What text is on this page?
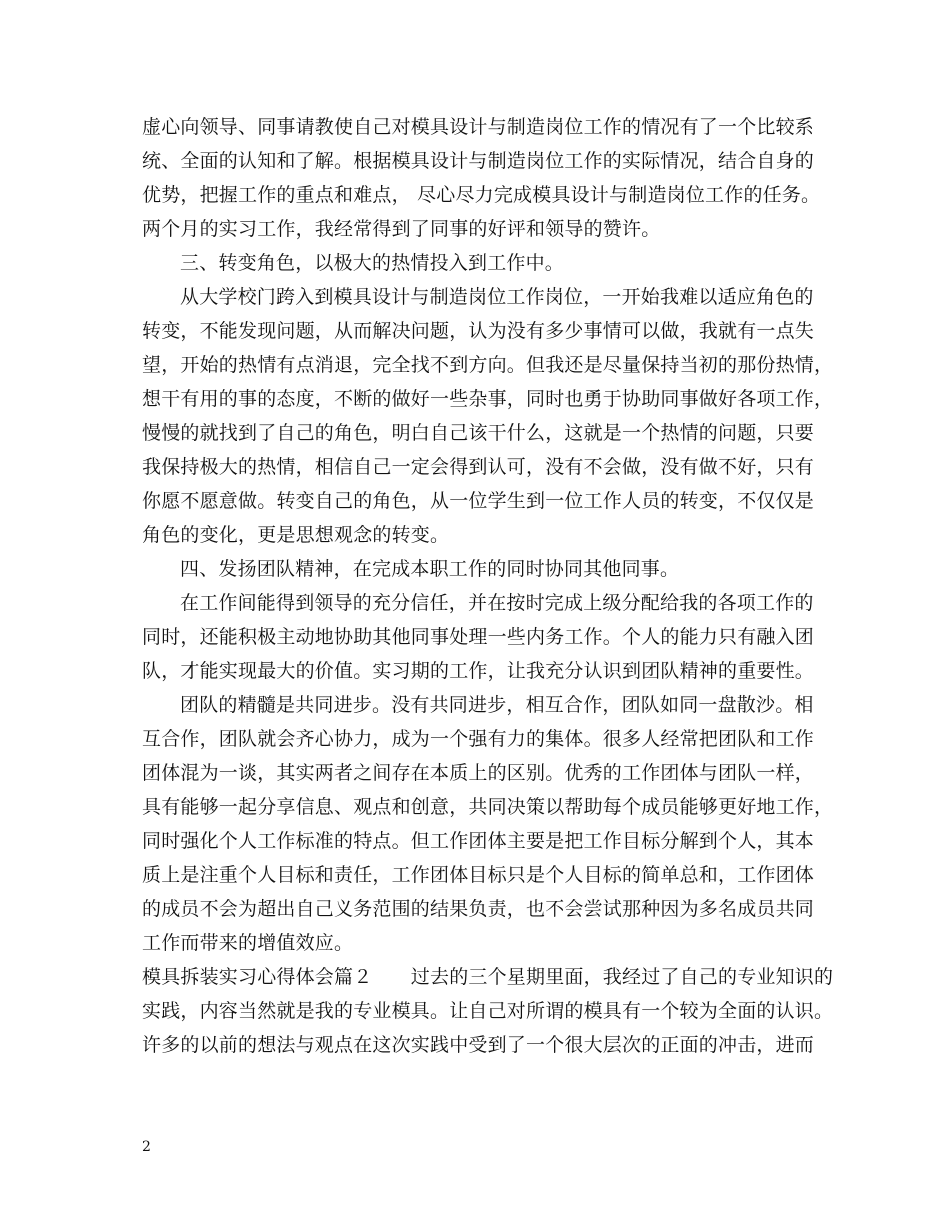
虚心向领导、同事请教使自己对模具设计与制造岗位工作的情况有了一个比较系
统、全面的认知和了解。根据模具设计与制造岗位工作的实际情况，结合自身的
优势，把握工作的重点和难点， 尽心尽力完成模具设计与制造岗位工作的任务。
两个月的实习工作，我经常得到了同事的好评和领导的赞许。
三、转变角色，以极大的热情投入到工作中。
从大学校门跨入到模具设计与制造岗位工作岗位，一开始我难以适应角色的
转变，不能发现问题，从而解决问题，认为没有多少事情可以做，我就有一点失
望，开始的热情有点消退，完全找不到方向。但我还是尽量保持当初的那份热情，
想干有用的事的态度，不断的做好一些杂事，同时也勇于协助同事做好各项工作，
慢慢的就找到了自己的角色，明白自己该干什么，这就是一个热情的问题，只要
我保持极大的热情，相信自己一定会得到认可，没有不会做，没有做不好，只有
你愿不愿意做。转变自己的角色，从一位学生到一位工作人员的转变，不仅仅是
角色的变化，更是思想观念的转变。
四、发扬团队精神，在完成本职工作的同时协同其他同事。
在工作间能得到领导的充分信任，并在按时完成上级分配给我的各项工作的
同时，还能积极主动地协助其他同事处理一些内务工作。个人的能力只有融入团
队，才能实现最大的价值。实习期的工作，让我充分认识到团队精神的重要性。
团队的精髓是共同进步。没有共同进步，相互合作，团队如同一盘散沙。相
互合作，团队就会齐心协力，成为一个强有力的集体。很多人经常把团队和工作
团体混为一谈，其实两者之间存在本质上的区别。优秀的工作团体与团队一样，
具有能够一起分享信息、观点和创意，共同决策以帮助每个成员能够更好地工作，
同时强化个人工作标准的特点。但工作团体主要是把工作目标分解到个人，其本
质上是注重个人目标和责任，工作团体目标只是个人目标的简单总和，工作团体
的成员不会为超出自己义务范围的结果负责，也不会尝试那种因为多名成员共同
工作而带来的增值效应。
模具拆装实习心得体会篇２　　过去的三个星期里面，我经过了自己的专业知识的
实践，内容当然就是我的专业模具。让自己对所谓的模具有一个较为全面的认识。
许多的以前的想法与观点在这次实践中受到了一个很大层次的正面的冲击，进而
2
